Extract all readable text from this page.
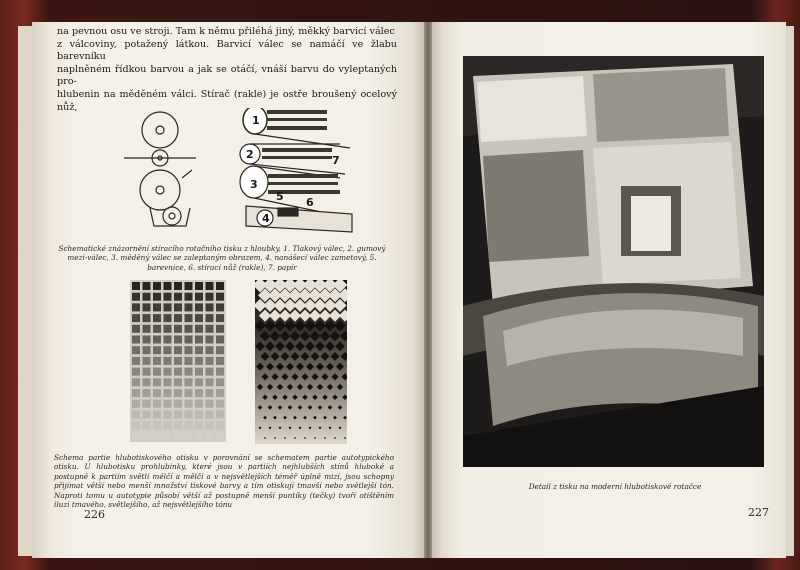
na pevnou osu ve stroji. Tam k němu přiléhá jiný, měkký barvicí válec

z válcoviny, potažený látkou. Barvicí válec se namáčí ve žlabu barevníku

naplněném řídkou barvou a jak se otáčí, vnáší barvu do vyleptaných pro-

hlubenin na měděném válci. Stírač (rakle) je ostře broušený ocelový nůž,

1
2
3
4
5 6
7
Schematické znázornění stíracího rotačního tisku z hloubky. 1. Tlakový válec, 2. gumový mezi-válec, 3. měděný válec se zaleptaným obrazem, 4. nanášecí válec zametový, 5. barevnice, 6. stírací nůž (rakle), 7. papír
Schema partie hlubotiskového otisku v porovnání se schematem partie autotypického otisku. U hlubotisku prohlubinky, které jsou v partiích nejhlubších stínů hluboké a postupně k partiím světlí mělčí a mělčí a v nejsvětlejších téměř úplně mizí, jsou schopny přijímat větší nebo menší množství tiskové barvy a tím otiskují tmavší nebo světlejší tón. Naproti tomu u autotypie působí větší až postupně menší puntíky (tečky) tvoří otištěním iluzi tmavého, světlejšího, až nejsvětlejšího tónu
226
Detail z tisku na moderní hlubotiskové rotačce
227
